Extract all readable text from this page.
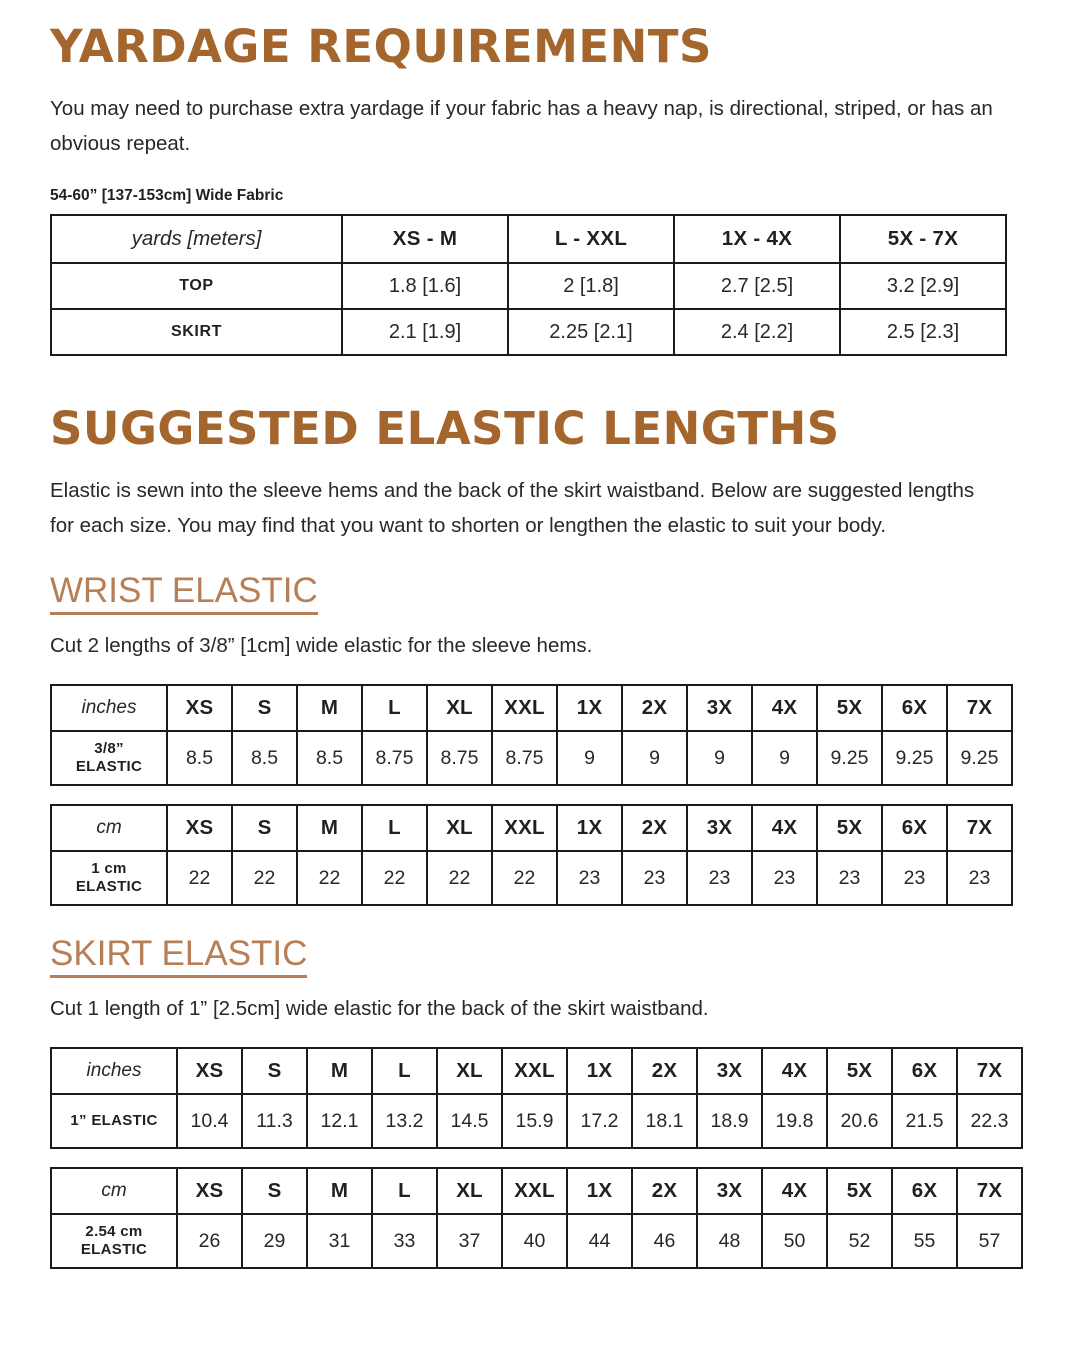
YARDAGE REQUIREMENTS

You may need to purchase extra yardage if your fabric has a heavy nap, is directional, striped, or has an obvious repeat.

54-60” [137-153cm] Wide Fabric

yards [meters]	XS - M	L - XXL	1X - 4X	5X - 7X
TOP	1.8 [1.6]	2 [1.8]	2.7 [2.5]	3.2 [2.9]
SKIRT	2.1 [1.9]	2.25 [2.1]	2.4 [2.2]	2.5 [2.3]
SUGGESTED ELASTIC LENGTHS

Elastic is sewn into the sleeve hems and the back of the skirt waistband. Below are suggested lengths for each size. You may find that you want to shorten or lengthen the elastic to suit your body.

WRIST ELASTIC

Cut 2 lengths of 3/8” [1cm] wide elastic for the sleeve hems.

inches	XS	S	M	L	XL	XXL	1X	2X	3X	4X	5X	6X	7X

3/8”
ELASTIC	8.5	8.5	8.5	8.75	8.75	8.75	9	9	9	9	9.25	9.25	9.25
cm	XS	S	M	L	XL	XXL	1X	2X	3X	4X	5X	6X	7X

1 cm
ELASTIC	22	22	22	22	22	22	23	23	23	23	23	23	23
SKIRT ELASTIC

Cut 1 length of 1” [2.5cm] wide elastic for the back of the skirt waistband.

inches	XS	S	M	L	XL	XXL	1X	2X	3X	4X	5X	6X	7X

1” ELASTIC	10.4	11.3	12.1	13.2	14.5	15.9	17.2	18.1	18.9	19.8	20.6	21.5	22.3
cm	XS	S	M	L	XL	XXL	1X	2X	3X	4X	5X	6X	7X

2.54 cm
ELASTIC	26	29	31	33	37	40	44	46	48	50	52	55	57
